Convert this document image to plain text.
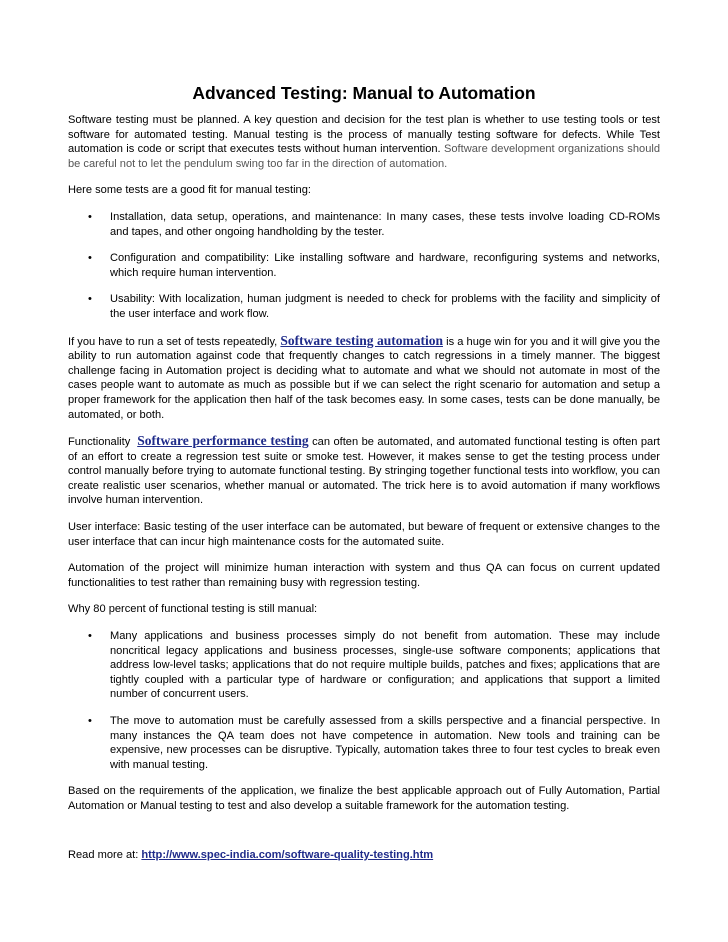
Advanced Testing: Manual to Automation

Software testing must be planned. A key question and decision for the test plan is whether to use testing tools or test software for automated testing. Manual testing is the process of manually testing software for defects. While Test automation is code or script that executes tests without human intervention. Software development organizations should be careful not to let the pendulum swing too far in the direction of automation.

Here some tests are a good fit for manual testing:

• Installation, data setup, operations, and maintenance: In many cases, these tests involve loading CD-ROMs and tapes, and other ongoing handholding by the tester.
• Configuration and compatibility: Like installing software and hardware, reconfiguring systems and networks, which require human intervention.
• Usability: With localization, human judgment is needed to check for problems with the facility and simplicity of the user interface and work flow.

If you have to run a set of tests repeatedly, Software testing automation is a huge win for you and it will give you the ability to run automation against code that frequently changes to catch regressions in a timely manner. The biggest challenge facing in Automation project is deciding what to automate and what we should not automate in most of the cases people want to automate as much as possible but if we can select the right scenario for automation and setup a proper framework for the application then half of the task becomes easy. In some cases, tests can be done manually, be automated, or both.

Functionality Software performance testing can often be automated, and automated functional testing is often part of an effort to create a regression test suite or smoke test. However, it makes sense to get the testing process under control manually before trying to automate functional testing. By stringing together functional tests into workflow, you can create realistic user scenarios, whether manual or automated. The trick here is to avoid automation if many workflows involve human intervention.

User interface: Basic testing of the user interface can be automated, but beware of frequent or extensive changes to the user interface that can incur high maintenance costs for the automated suite.

Automation of the project will minimize human interaction with system and thus QA can focus on current updated functionalities to test rather than remaining busy with regression testing.

Why 80 percent of functional testing is still manual:

• Many applications and business processes simply do not benefit from automation. These may include noncritical legacy applications and business processes, single-use software components; applications that address low-level tasks; applications that do not require multiple builds, patches and fixes; applications that are tightly coupled with a particular type of hardware or configuration; and applications that support a limited number of concurrent users.
• The move to automation must be carefully assessed from a skills perspective and a financial perspective. In many instances the QA team does not have competence in automation. New tools and training can be expensive, new processes can be disruptive. Typically, automation takes three to four test cycles to break even with manual testing.

Based on the requirements of the application, we finalize the best applicable approach out of Fully Automation, Partial Automation or Manual testing to test and also develop a suitable framework for the automation testing.

Read more at: http://www.spec-india.com/software-quality-testing.htm
